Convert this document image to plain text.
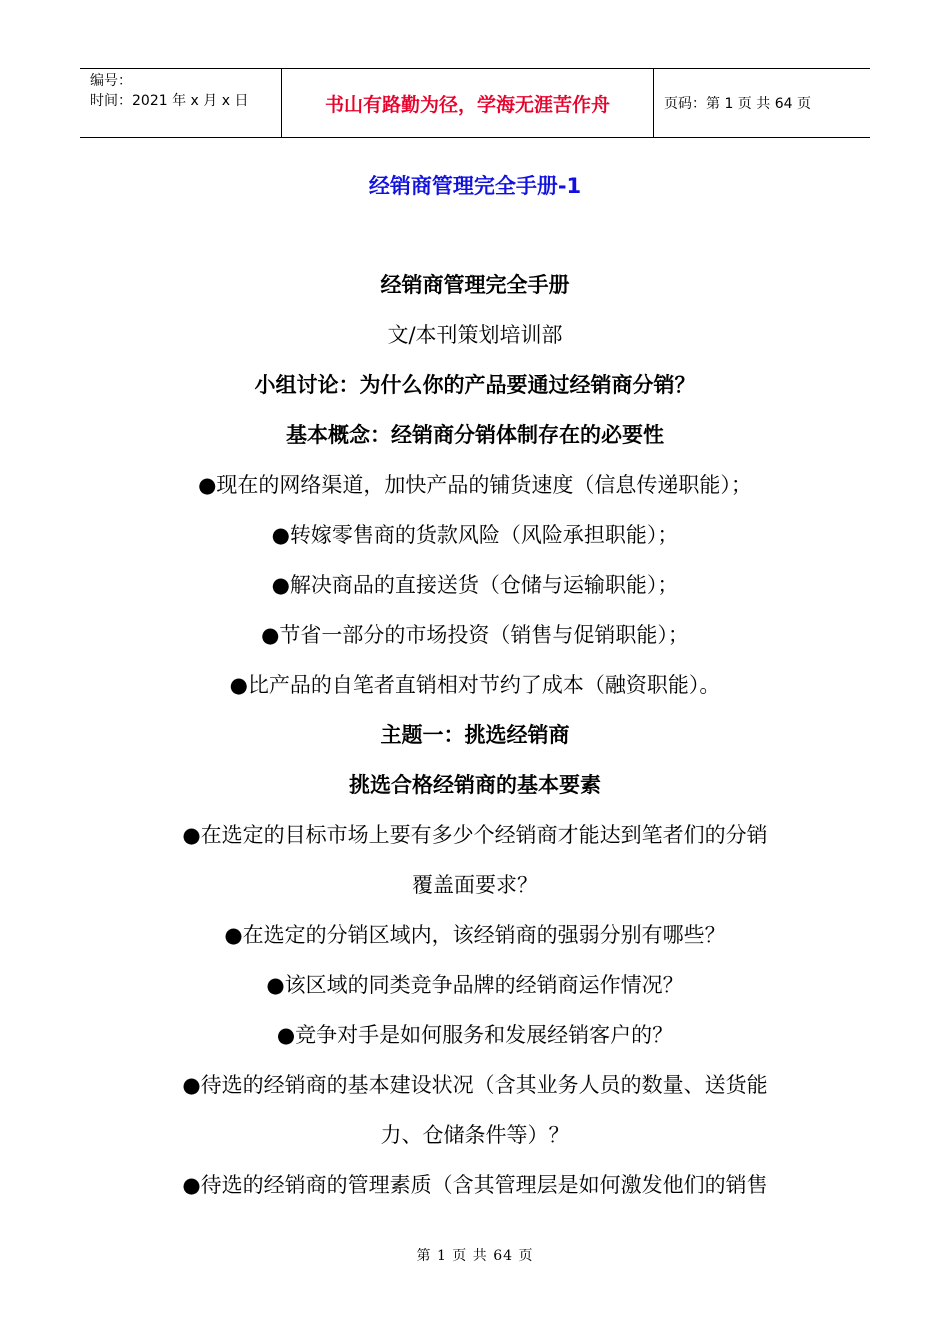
编号：
时间：2021 年 x 月 x 日	书山有路勤为径，学海无涯苦作舟	页码：第 1 页 共 64 页
经销商管理完全手册-1
经销商管理完全手册
文/本刊策划培训部
小组讨论：为什么你的产品要通过经销商分销？
基本概念：经销商分销体制存在的必要性
●现在的网络渠道，加快产品的铺货速度（信息传递职能）；
●转嫁零售商的货款风险（风险承担职能）；
●解决商品的直接送货（仓储与运输职能）；
●节省一部分的市场投资（销售与促销职能）；
●比产品的自笔者直销相对节约了成本（融资职能）。
主题一：挑选经销商
挑选合格经销商的基本要素
●在选定的目标市场上要有多少个经销商才能达到笔者们的分销
覆盖面要求？
●在选定的分销区域内，该经销商的强弱分别有哪些？
●该区域的同类竞争品牌的经销商运作情况？
●竞争对手是如何服务和发展经销客户的？
●待选的经销商的基本建设状况（含其业务人员的数量、送货能
力、仓储条件等）？
●待选的经销商的管理素质（含其管理层是如何激发他们的销售
第 1 页 共 64 页
